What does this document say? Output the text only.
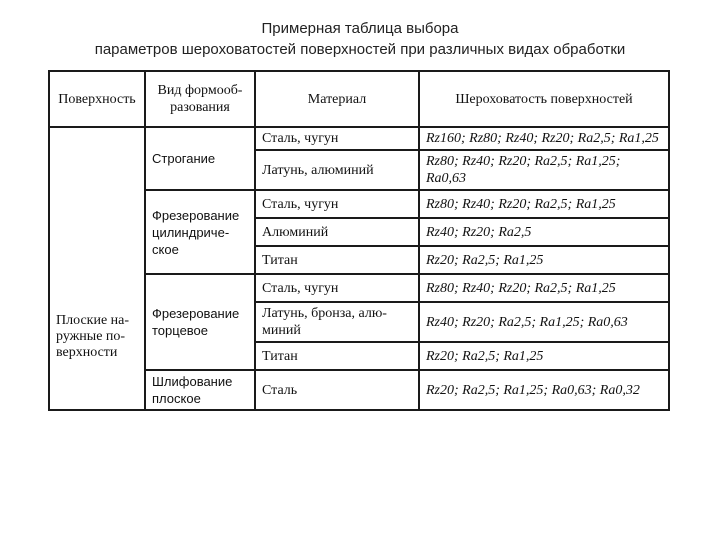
Примерная таблица выбора
параметров шероховатостей поверхностей при различных видах обработки
Поверхность	Вид формооб-разования	Материал	Шероховатость поверхностей
Плоские на-ружные по-верхности	Строгание	Сталь, чугун	Rz160; Rz80; Rz40; Rz20; Ra2,5; Ra1,25
		Латунь, алюминий	Rz80; Rz40; Rz20; Ra2,5; Ra1,25; Ra0,63
	Фрезерование цилиндриче-ское	Сталь, чугун	Rz80; Rz40; Rz20; Ra2,5; Ra1,25
		Алюминий	Rz40; Rz20; Ra2,5
		Титан	Rz20; Ra2,5; Ra1,25
	Фрезерование торцевое	Сталь, чугун	Rz80; Rz40; Rz20; Ra2,5; Ra1,25
		Латунь, бронза, алю-миний	Rz40; Rz20; Ra2,5; Ra1,25; Ra0,63
		Титан	Rz20; Ra2,5; Ra1,25
	Шлифование плоское	Сталь	Rz20; Ra2,5; Ra1,25; Ra0,63; Ra0,32
